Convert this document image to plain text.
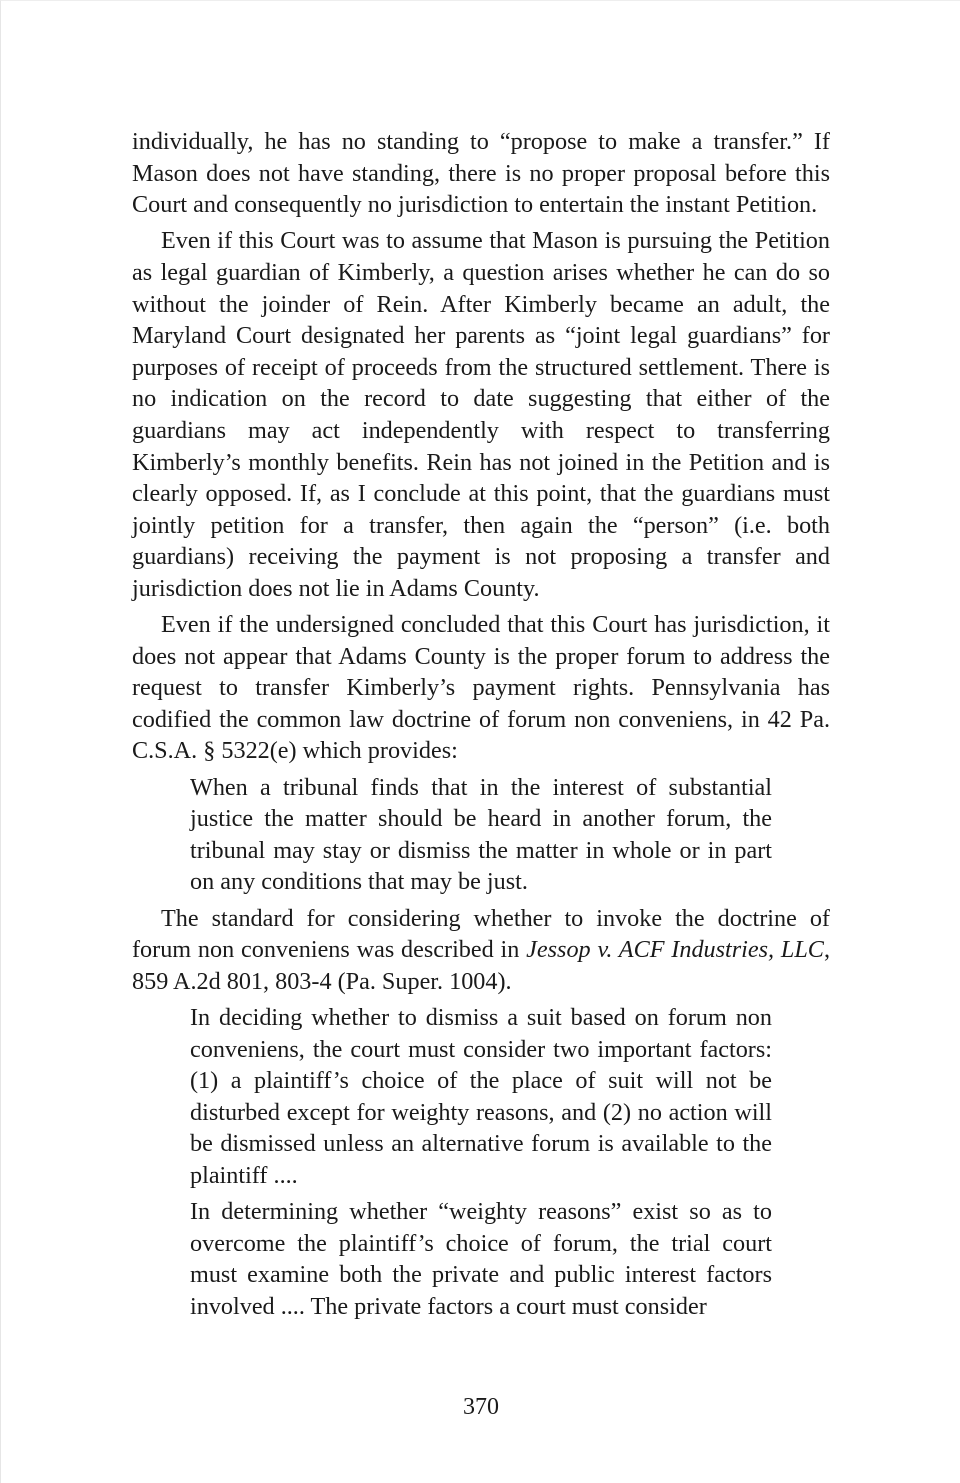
individually, he has no standing to “propose to make a transfer.” If Mason does not have standing, there is no proper proposal before this Court and consequently no jurisdiction to entertain the instant Petition.

Even if this Court was to assume that Mason is pursuing the Petition as legal guardian of Kimberly, a question arises whether he can do so without the joinder of Rein. After Kimberly became an adult, the Maryland Court designated her parents as “joint legal guardians” for purposes of receipt of proceeds from the structured settlement. There is no indication on the record to date suggesting that either of the guardians may act independently with respect to transferring Kimberly’s monthly benefits. Rein has not joined in the Petition and is clearly opposed. If, as I conclude at this point, that the guardians must jointly petition for a transfer, then again the “person” (i.e. both guardians) receiving the payment is not proposing a transfer and jurisdiction does not lie in Adams County.

Even if the undersigned concluded that this Court has jurisdiction, it does not appear that Adams County is the proper forum to address the request to transfer Kimberly’s payment rights. Pennsylvania has codified the common law doctrine of forum non conveniens, in 42 Pa. C.S.A. § 5322(e) which provides:

When a tribunal finds that in the interest of substantial justice the matter should be heard in another forum, the tribunal may stay or dismiss the matter in whole or in part on any conditions that may be just.

The standard for considering whether to invoke the doctrine of forum non conveniens was described in Jessop v. ACF Industries, LLC, 859 A.2d 801, 803-4 (Pa. Super. 1004).

In deciding whether to dismiss a suit based on forum non conveniens, the court must consider two important factors: (1) a plaintiff’s choice of the place of suit will not be disturbed except for weighty reasons, and (2) no action will be dismissed unless an alternative forum is available to the plaintiff ....

In determining whether “weighty reasons” exist so as to overcome the plaintiff’s choice of forum, the trial court must examine both the private and public interest factors involved .... The private factors a court must consider

370
